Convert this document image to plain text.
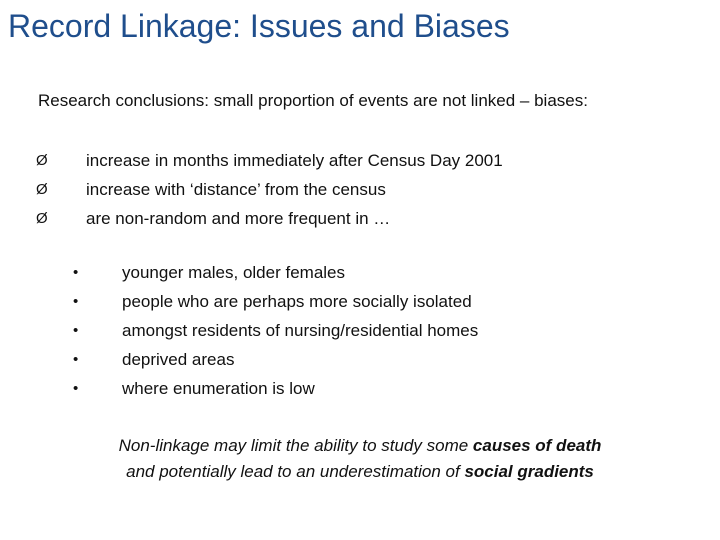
Record Linkage: Issues and Biases
Research conclusions: small proportion of events are not linked – biases:
Ø increase in months immediately after Census Day 2001
Ø increase with ‘distance’ from the census
Ø are non-random and more frequent in …
•	younger males, older females
•	people who are perhaps more socially isolated
•	amongst residents of nursing/residential homes
•	deprived areas
•	where enumeration is low
Non-linkage may limit the ability to study some causes of death
and potentially lead to an underestimation of social gradients
